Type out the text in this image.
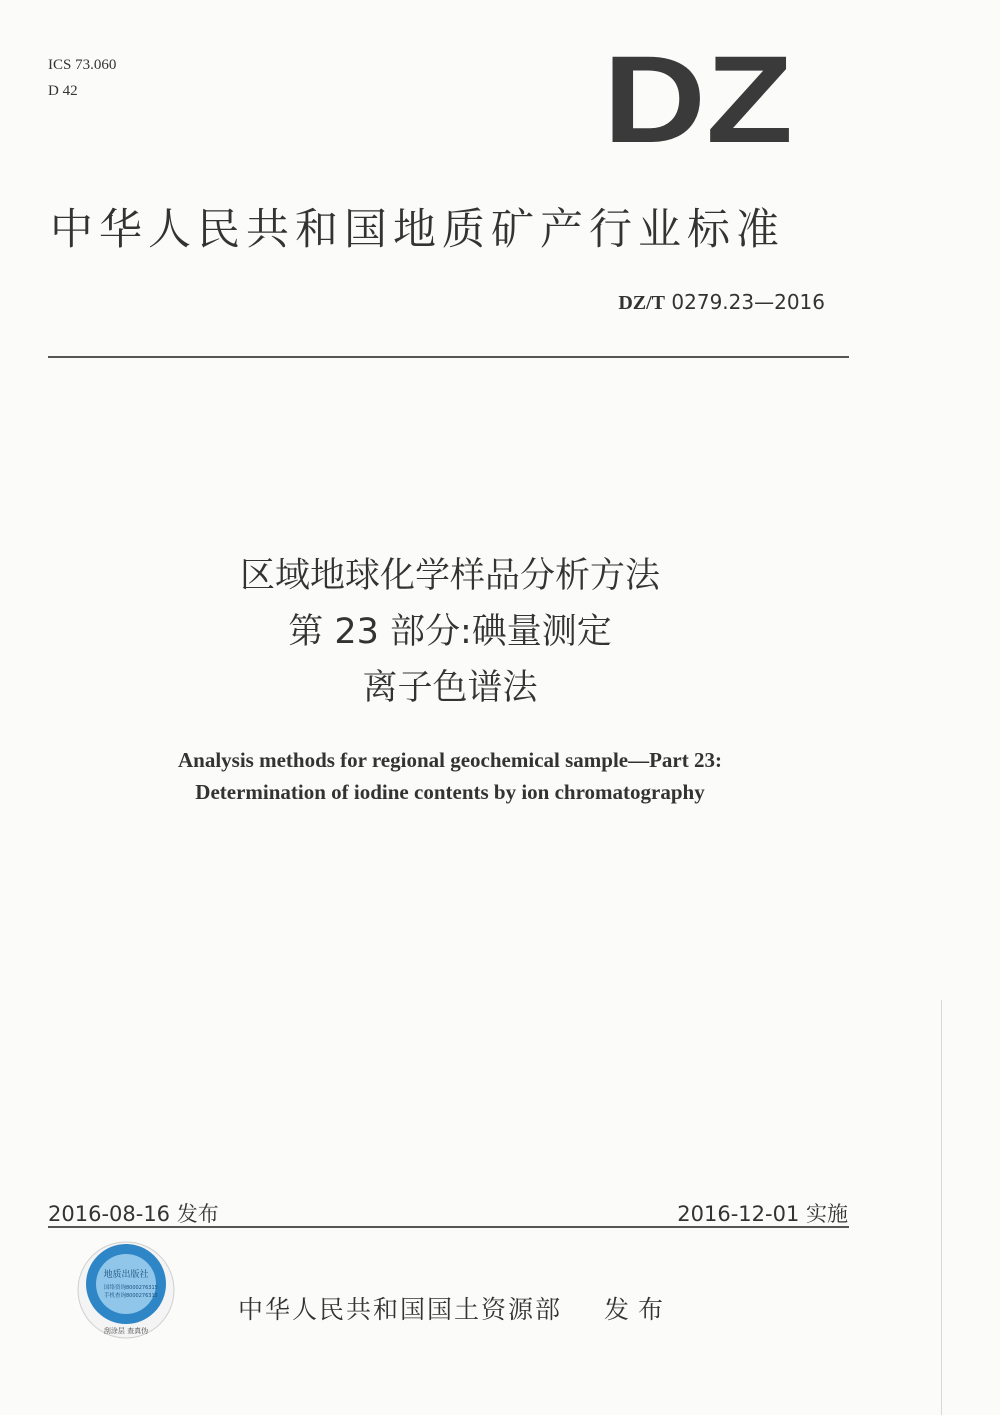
ICS 73.060
D 42	DZ
中华人民共和国地质矿产行业标准
DZ/T 0279.23—2016
区域地球化学样品分析方法
第 23 部分:碘量测定
离子色谱法
Analysis methods for regional geochemical sample—Part 23:
Determination of iodine contents by ion chromatography
2016-08-16 发布	2016-12-01 实施
地质出版社
国络资询 8000276315
手机查询 8000276315
刮涂层 查真伪
中华人民共和国国土资源部 发布
